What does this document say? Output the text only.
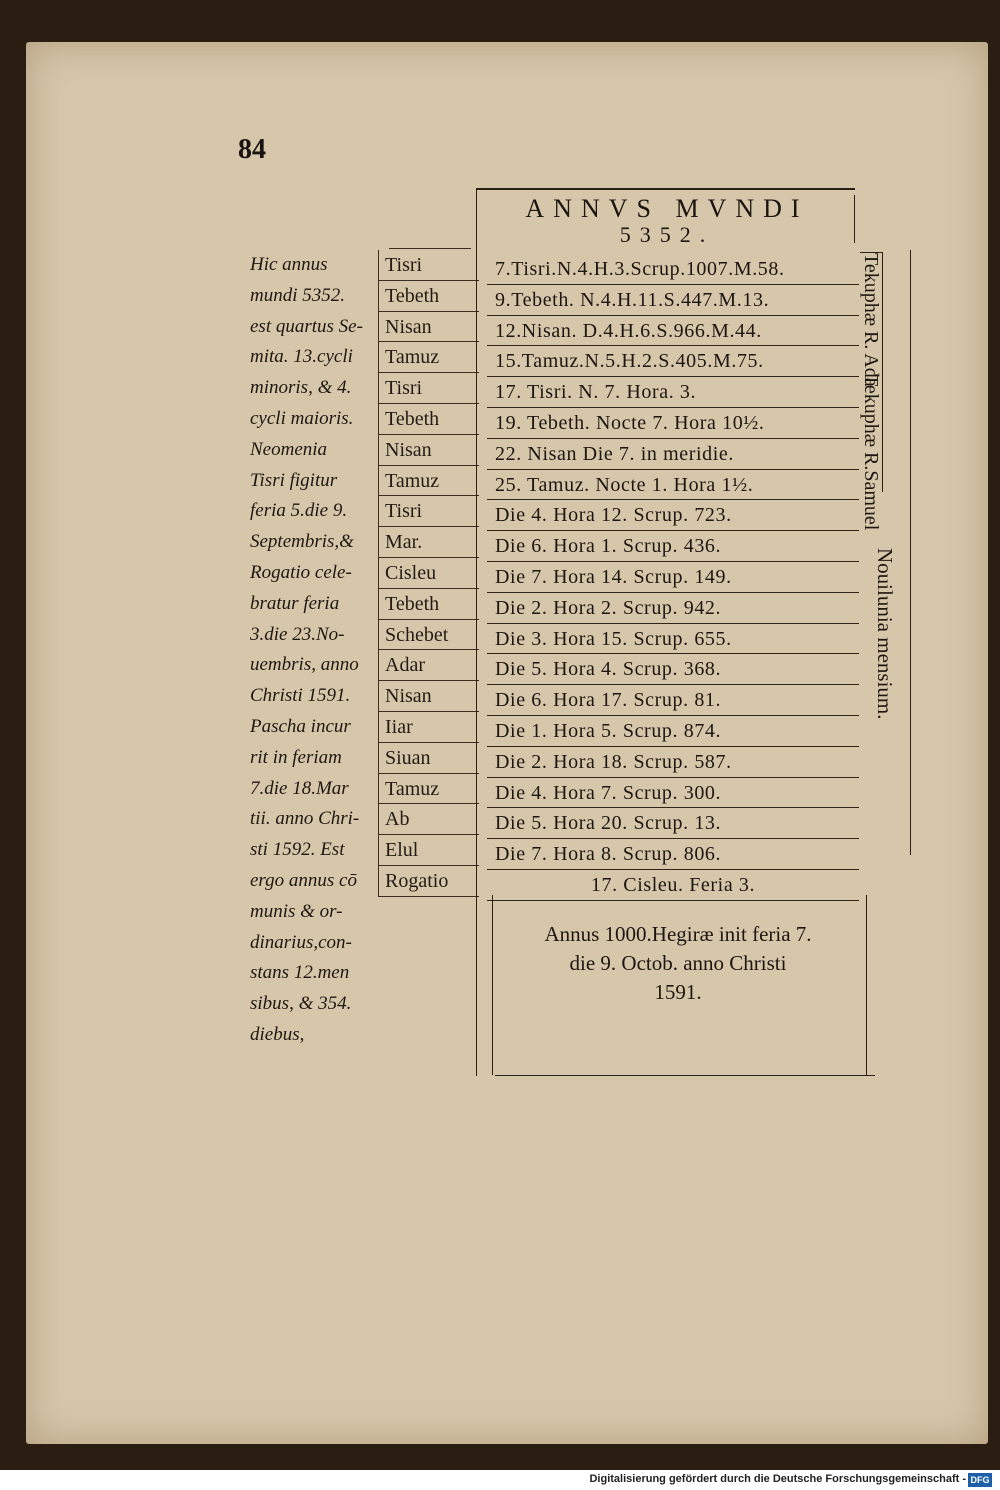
84
Hic annus
mundi 5352.
est quartus Se-
mita. 13.cycli
minoris, & 4.
cycli maioris.
Neomenia
Tisri figitur
feria 5.die 9.
Septembris,&
Rogatio cele-
bratur feria
3.die 23.No-
uembris, anno
Christi 1591.
Pascha incur
rit in feriam
7.die 18.Mar
tii. anno Chri-
sti 1592. Est
ergo annus cō
munis & or-
dinarius,con-
stans 12.men
sibus, & 354.
diebus,
Tisri
Tebeth
Nisan
Tamuz
Tisri
Tebeth
Nisan
Tamuz
Tisri
Mar.
Cisleu
Tebeth
Schebet
Adar
Nisan
Iiar
Siuan
Tamuz
Ab
Elul
Rogatio
ANNVS MVNDI
5352.
7.Tisri.N.4.H.3.Scrup.1007.M.58.
9.Tebeth. N.4.H.11.S.447.M.13.
12.Nisan. D.4.H.6.S.966.M.44.
15.Tamuz.N.5.H.2.S.405.M.75.
17. Tisri. N. 7. Hora. 3.
19. Tebeth. Nocte 7. Hora 10½.
22. Nisan Die 7. in meridie.
25. Tamuz. Nocte 1. Hora 1½.
Die 4. Hora 12. Scrup. 723.
Die 6. Hora 1. Scrup. 436.
Die 7. Hora 14. Scrup. 149.
Die 2. Hora 2. Scrup. 942.
Die 3. Hora 15. Scrup. 655.
Die 5. Hora 4. Scrup. 368.
Die 6. Hora 17. Scrup. 81.
Die 1. Hora 5. Scrup. 874.
Die 2. Hora 18. Scrup. 587.
Die 4. Hora 7. Scrup. 300.
Die 5. Hora 20. Scrup. 13.
Die 7. Hora 8. Scrup. 806.
17. Cisleu. Feria 3.
Annus 1000.Hegiræ init feria 7.
die 9. Octob. anno Christi
1591.
Tekuphæ R. Ada
Tekuphæ R.Samuel
Nouilunia mensium.
Digitalisierung gefördert durch die Deutsche Forschungsgemeinschaft - DFG
